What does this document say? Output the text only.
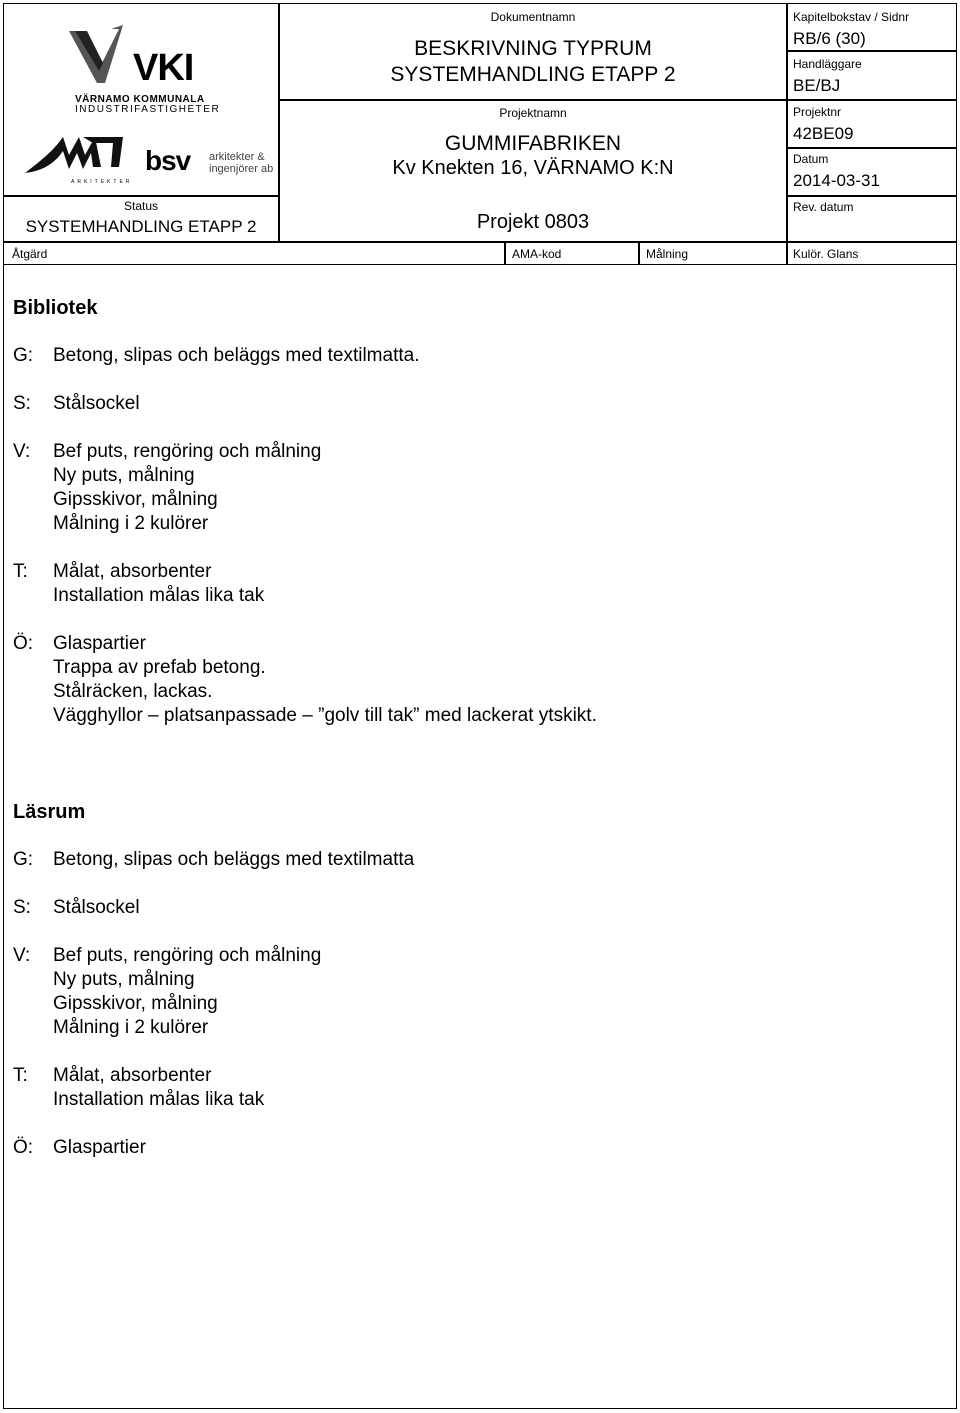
VKI
VÄRNAMO KOMMUNALA
INDUSTRIFASTIGHETER
ARKITEKTER
bsv arkitekter &
ingenjörer ab
Status
SYSTEMHANDLING ETAPP 2
Dokumentnamn
BESKRIVNING TYPRUM
SYSTEMHANDLING ETAPP 2
Projektnamn
GUMMIFABRIKEN
Kv Knekten 16, VÄRNAMO K:N
Projekt 0803
Kapitelbokstav / Sidnr
RB/6 (30)
Handläggare
BE/BJ
Projektnr
42BE09
Datum
2014-03-31
Rev. datum
Åtgärd	AMA-kod	Målning	Kulör. Glans
Bibliotek
G:	Betong, slipas och beläggs med textilmatta.
S:	Stålsockel
V:	Bef puts, rengöring och målning
Ny puts, målning
Gipsskivor, målning
Målning i 2 kulörer
T:	Målat, absorbenter
Installation målas lika tak
Ö:	Glaspartier
Trappa av prefab betong.
Stålräcken, lackas.
Vägghyllor – platsanpassade – ”golv till tak” med lackerat ytskikt.
Läsrum
G:	Betong, slipas och beläggs med textilmatta
S:	Stålsockel
V:	Bef puts, rengöring och målning
Ny puts, målning
Gipsskivor, målning
Målning i 2 kulörer
T:	Målat, absorbenter
Installation målas lika tak
Ö:	Glaspartier
